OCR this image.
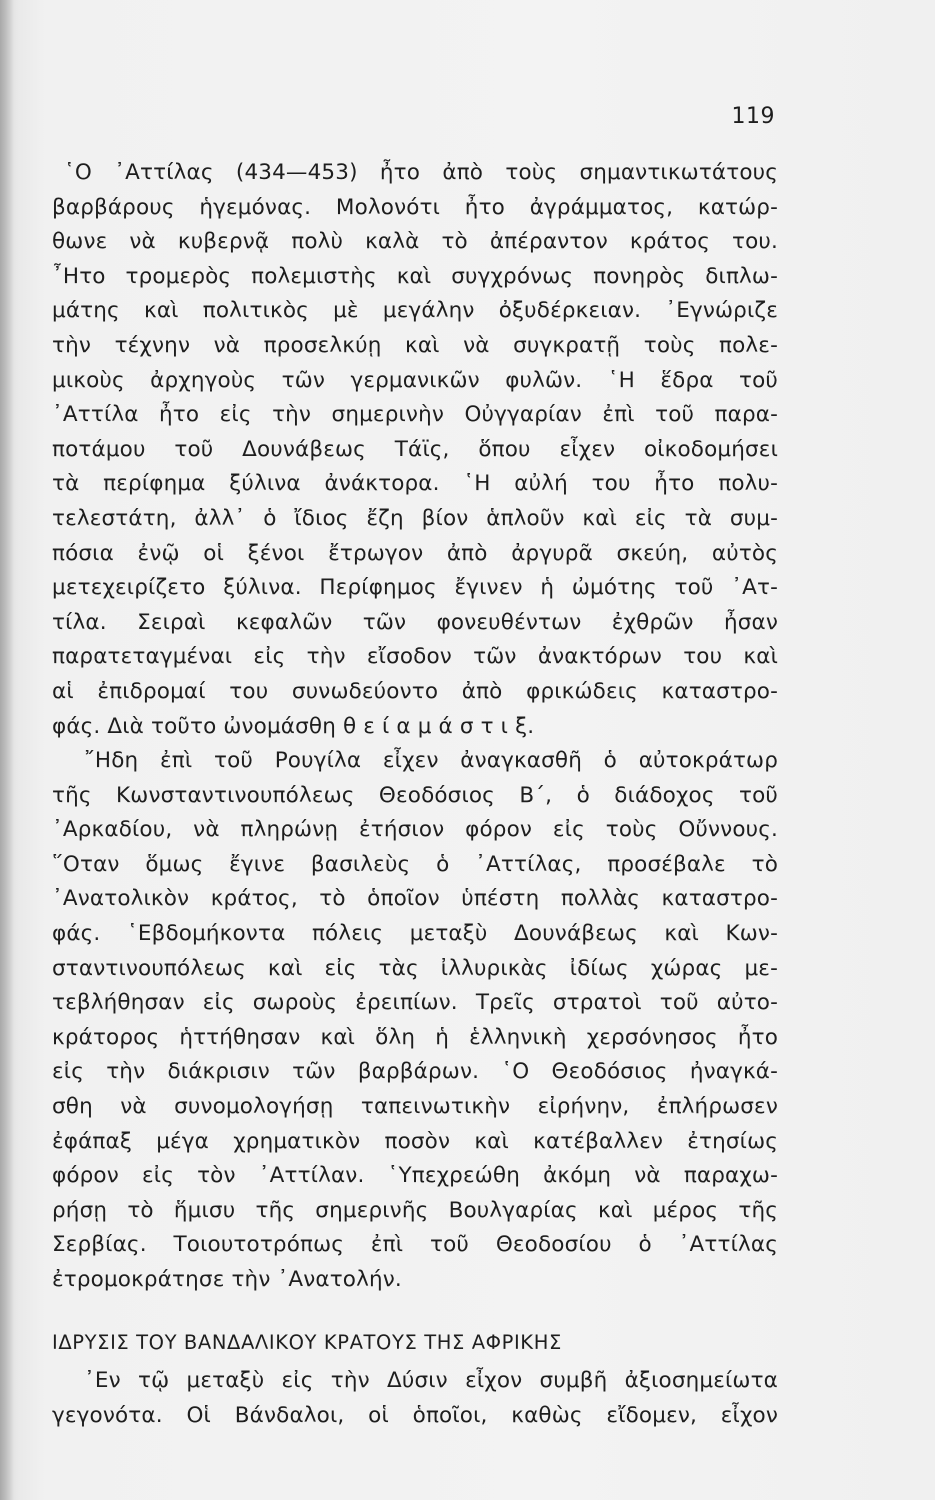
119
῾Ο ᾿Αττίλας (434—453) ἦτο ἀπὸ τοὺς σημαντικωτάτους
βαρβάρους ἡγεμόνας. Μολονότι ἦτο ἀγράμματος, κατώρ-
θωνε νὰ κυβερνᾷ πολὺ καλὰ τὸ ἀπέραντον κράτος του.
῏Ητο τρομερὸς πολεμιστὴς καὶ συγχρόνως πονηρὸς διπλω-
μάτης καὶ πολιτικὸς μὲ μεγάλην ὀξυδέρκειαν. ᾿Εγνώριζε
τὴν τέχνην νὰ προσελκύῃ καὶ νὰ συγκρατῇ τοὺς πολε-
μικοὺς ἀρχηγοὺς τῶν γερμανικῶν φυλῶν. ῾Η ἕδρα τοῦ
᾿Αττίλα ἦτο εἰς τὴν σημερινὴν Οὐγγαρίαν ἐπὶ τοῦ παρα-
ποτάμου τοῦ Δουνάβεως Τάϊς, ὅπου εἶχεν οἰκοδομήσει
τὰ περίφημα ξύλινα ἀνάκτορα. ῾Η αὐλή του ἦτο πολυ-
τελεστάτη, ἀλλ᾿ ὁ ἴδιος ἔζη βίον ἁπλοῦν καὶ εἰς τὰ συμ-
πόσια ἐνῷ οἱ ξένοι ἔτρωγον ἀπὸ ἀργυρᾶ σκεύη, αὐτὸς
μετεχειρίζετο ξύλινα. Περίφημος ἔγινεν ἡ ὠμότης τοῦ ᾿Ατ-
τίλα. Σειραὶ κεφαλῶν τῶν φονευθέντων ἐχθρῶν ἦσαν
παρατεταγμέναι εἰς τὴν εἴσοδον τῶν ἀνακτόρων του καὶ
αἱ ἐπιδρομαί του συνωδεύοντο ἀπὸ φρικώδεις καταστρο-
φάς. Διὰ τοῦτο ὠνομάσθη θ ε ί α μ ά σ τ ι ξ.
῎Ηδη ἐπὶ τοῦ Ρουγίλα εἶχεν ἀναγκασθῆ ὁ αὐτοκράτωρ
τῆς Κωνσταντινουπόλεως Θεοδόσιος Β΄, ὁ διάδοχος τοῦ
᾿Αρκαδίου, νὰ πληρώνῃ ἐτήσιον φόρον εἰς τοὺς Οὔννους.
῞Οταν ὅμως ἔγινε βασιλεὺς ὁ ᾿Αττίλας, προσέβαλε τὸ
᾿Ανατολικὸν κράτος, τὸ ὁποῖον ὑπέστη πολλὰς καταστρο-
φάς. ῾Εβδομήκοντα πόλεις μεταξὺ Δουνάβεως καὶ Κων-
σταντινουπόλεως καὶ εἰς τὰς ἰλλυρικὰς ἰδίως χώρας με-
τεβλήθησαν εἰς σωροὺς ἐρειπίων. Τρεῖς στρατοὶ τοῦ αὐτο-
κράτορος ἡττήθησαν καὶ ὅλη ἡ ἑλληνικὴ χερσόνησος ἦτο
εἰς τὴν διάκρισιν τῶν βαρβάρων. ῾Ο Θεοδόσιος ἠναγκά-
σθη νὰ συνομολογήσῃ ταπεινωτικὴν εἰρήνην, ἐπλήρωσεν
ἐφάπαξ μέγα χρηματικὸν ποσὸν καὶ κατέβαλλεν ἐτησίως
φόρον εἰς τὸν ᾿Αττίλαν. ῾Υπεχρεώθη ἀκόμη νὰ παραχω-
ρήσῃ τὸ ἥμισυ τῆς σημερινῆς Βουλγαρίας καὶ μέρος τῆς
Σερβίας. Τοιουτοτρόπως ἐπὶ τοῦ Θεοδοσίου ὁ ᾿Αττίλας
ἐτρομοκράτησε τὴν ᾿Ανατολήν.
ΙΔΡΥΣΙΣ ΤΟΥ ΒΑΝΔΑΛΙΚΟΥ ΚΡΑΤΟΥΣ ΤΗΣ ΑΦΡΙΚΗΣ
᾿Εν τῷ μεταξὺ εἰς τὴν Δύσιν εἶχον συμβῆ ἀξιοσημείωτα
γεγονότα. Οἱ Βάνδαλοι, οἱ ὁποῖοι, καθὼς εἴδομεν, εἶχον
